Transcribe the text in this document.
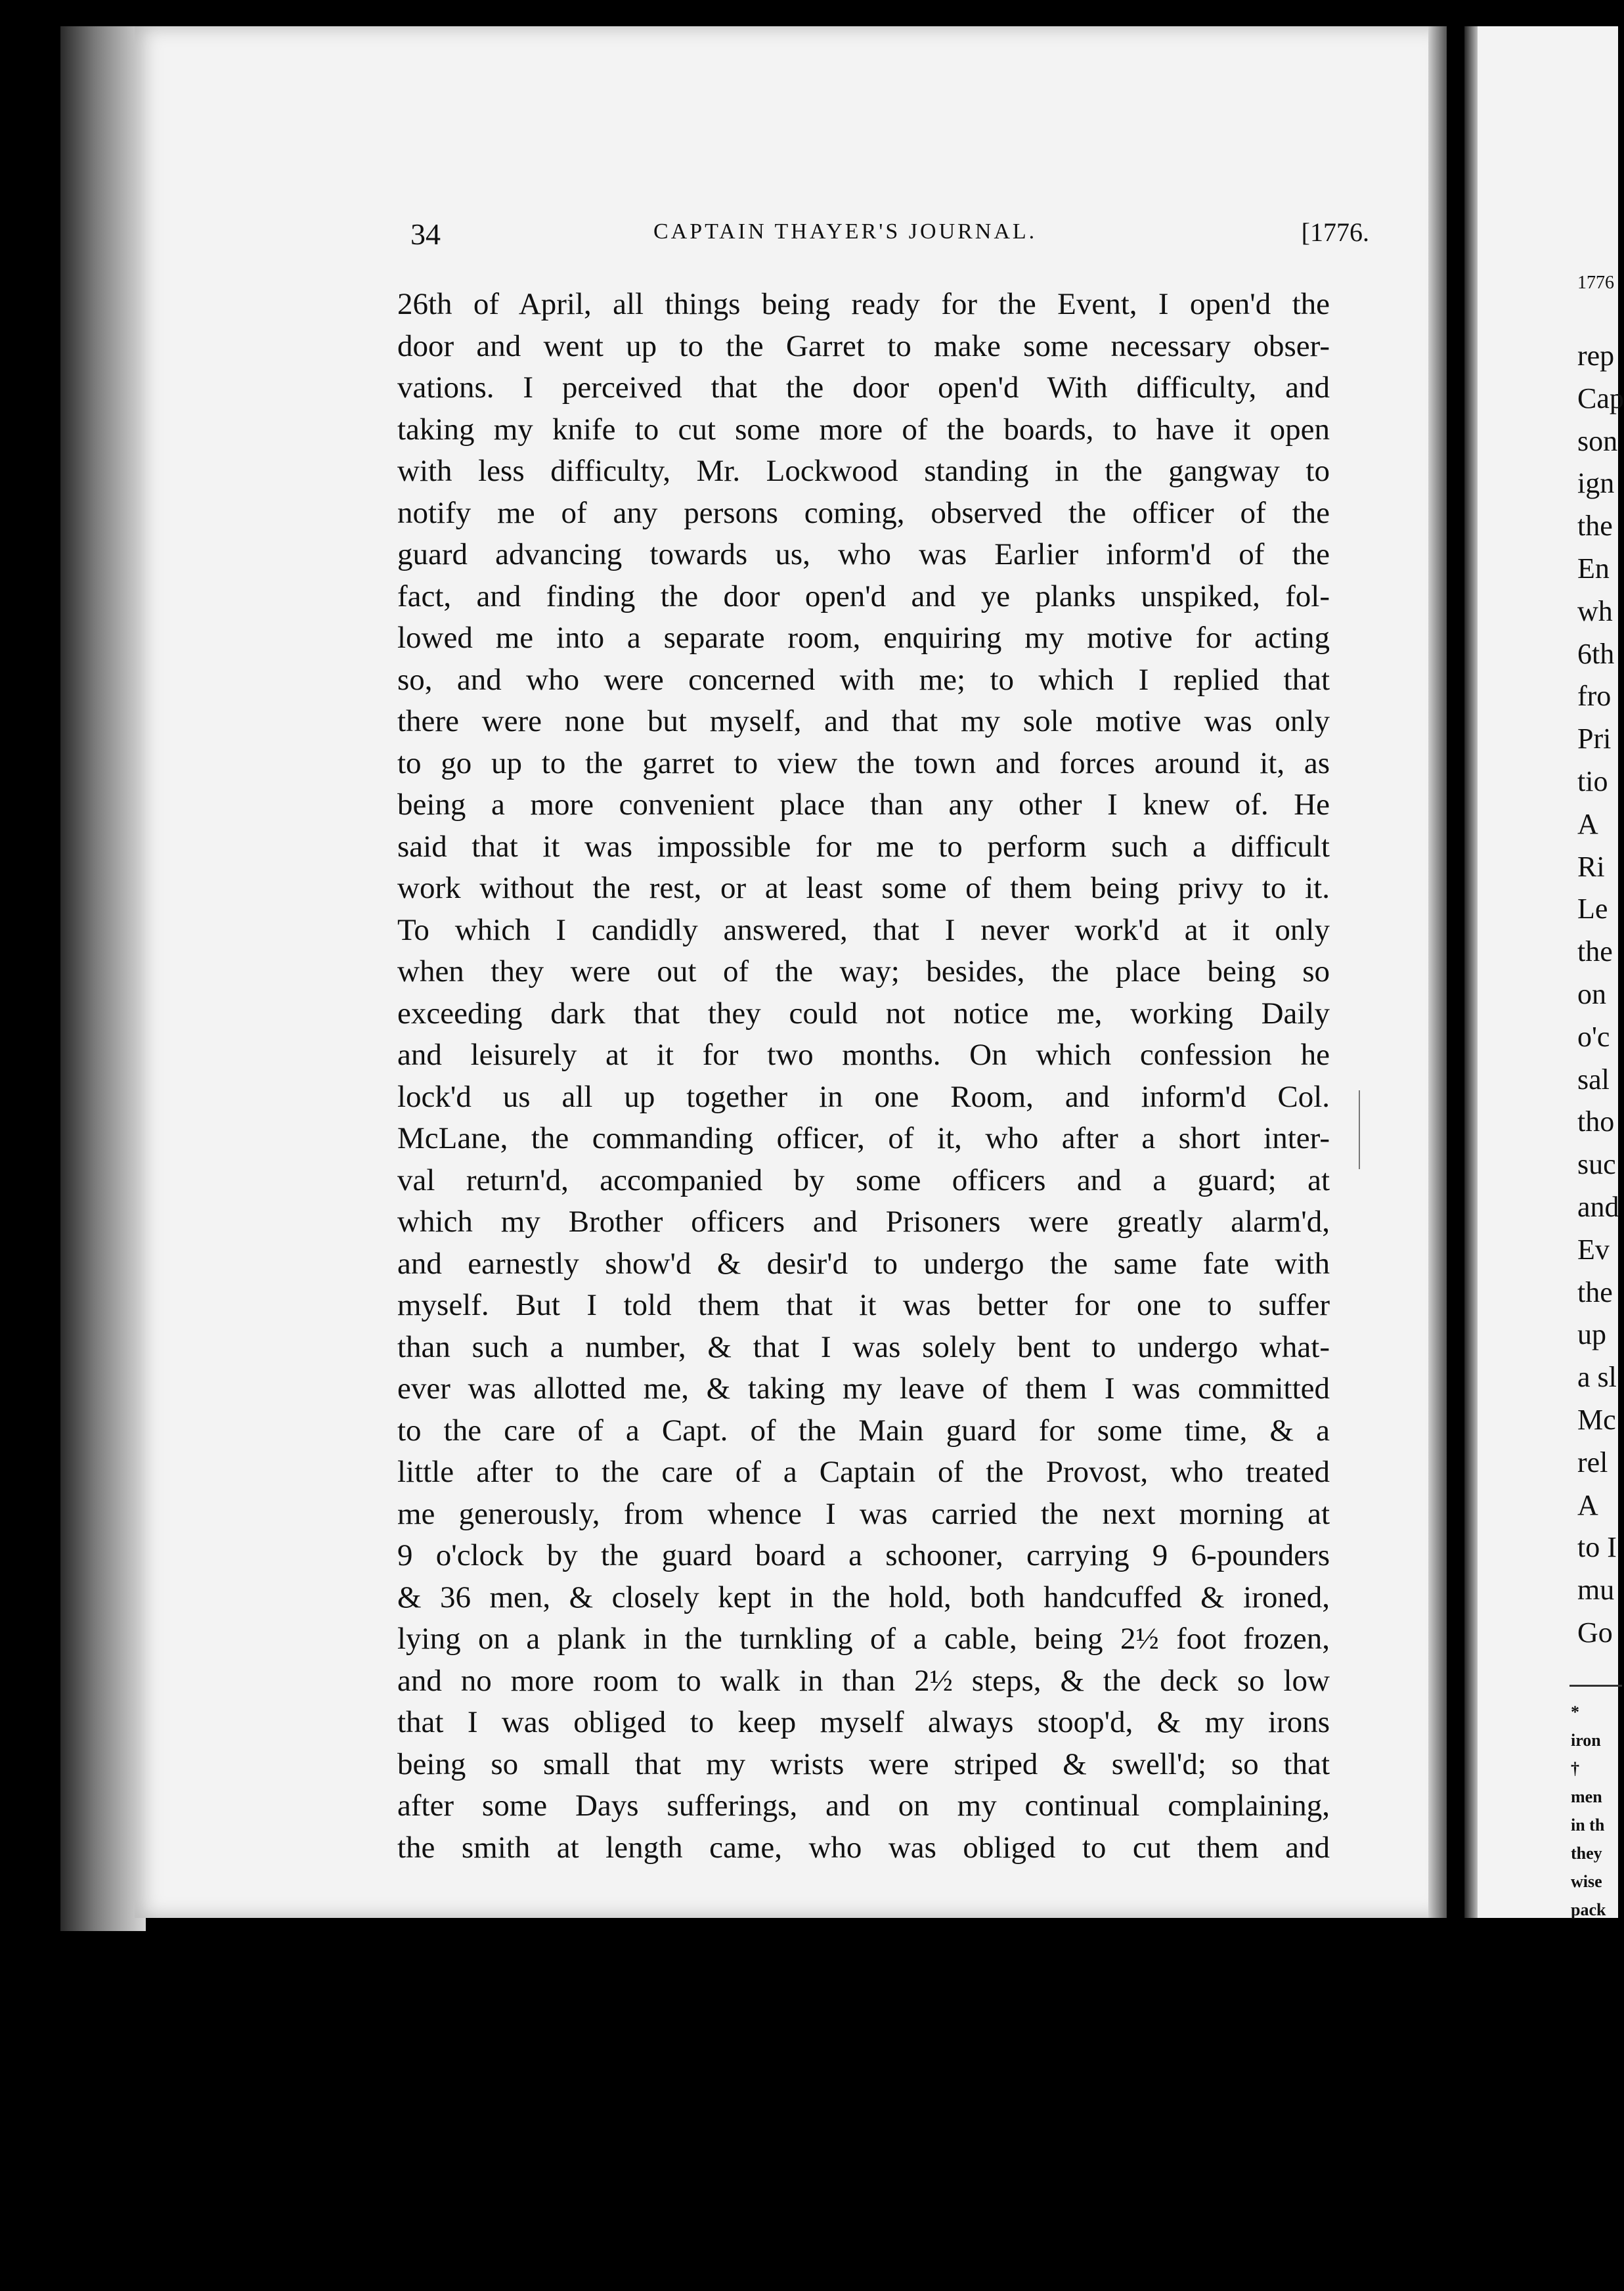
34	CAPTAIN THAYER'S JOURNAL.	[1776.
26th of April, all things being ready for the Event, I open'd the
door and went up to the Garret to make some necessary obser-
vations. I perceived that the door open'd With difficulty, and
taking my knife to cut some more of the boards, to have it open
with less difficulty, Mr. Lockwood standing in the gangway to
notify me of any persons coming, observed the officer of the
guard advancing towards us, who was Earlier inform'd of the
fact, and finding the door open'd and ye planks unspiked, fol-
lowed me into a separate room, enquiring my motive for acting
so, and who were concerned with me; to which I replied that
there were none but myself, and that my sole motive was only
to go up to the garret to view the town and forces around it, as
being a more convenient place than any other I knew of. He
said that it was impossible for me to perform such a difficult
work without the rest, or at least some of them being privy to it.
To which I candidly answered, that I never work'd at it only
when they were out of the way; besides, the place being so
exceeding dark that they could not notice me, working Daily
and leisurely at it for two months. On which confession he
lock'd us all up together in one Room, and inform'd Col.
McLane, the commanding officer, of it, who after a short inter-
val return'd, accompanied by some officers and a guard; at
which my Brother officers and Prisoners were greatly alarm'd,
and earnestly show'd & desir'd to undergo the same fate with
myself. But I told them that it was better for one to suffer
than such a number, & that I was solely bent to undergo what-
ever was allotted me, & taking my leave of them I was committed
to the care of a Capt. of the Main guard for some time, & a
little after to the care of a Captain of the Provost, who treated
me generously, from whence I was carried the next morning at
9 o'clock by the guard board a schooner, carrying 9 6-pounders
& 36 men, & closely kept in the hold, both handcuffed & ironed,
lying on a plank in the turnkling of a cable, being 2½ foot frozen,
and no more room to walk in than 2½ steps, & the deck so low
that I was obliged to keep myself always stoop'd, & my irons
being so small that my wrists were striped & swell'd; so that
after some Days sufferings, and on my continual complaining,
the smith at length came, who was obliged to cut them and
1776
rep
Cap
son
ign
the
En
wh
6th
fro
Pri
tio
A
Ri
Le
the
on
o'c
sal
tho
suc
and
Ev
the
up
a sl
Mc
rel
A
to I
mu
Go
*
iron
†
men
in th
they
wise
pack
